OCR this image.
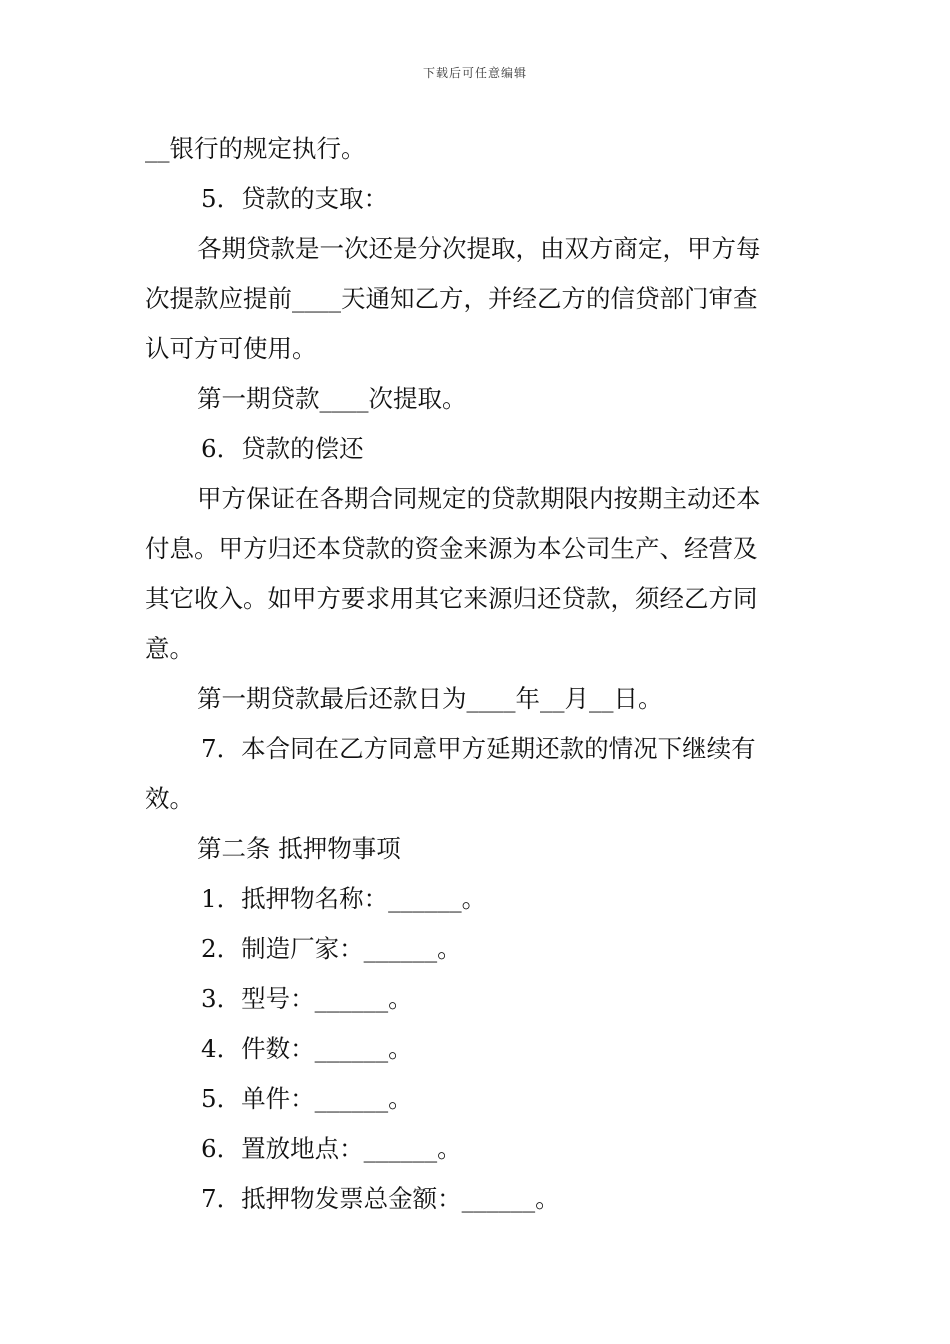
下载后可任意编辑
__银行的规定执行。
5．贷款的支取：
各期贷款是一次还是分次提取，由双方商定，甲方每
次提款应提前____天通知乙方，并经乙方的信贷部门审查
认可方可使用。
第一期贷款____次提取。
6．贷款的偿还
甲方保证在各期合同规定的贷款期限内按期主动还本
付息。甲方归还本贷款的资金来源为本公司生产、经营及
其它收入。如甲方要求用其它来源归还贷款，须经乙方同
意。
第一期贷款最后还款日为____年__月__日。
7．本合同在乙方同意甲方延期还款的情况下继续有
效。
第二条 抵押物事项
1．抵押物名称：______。
2．制造厂家：______。
3．型号：______。
4．件数：______。
5．单件：______。
6．置放地点：______。
7．抵押物发票总金额：______。
